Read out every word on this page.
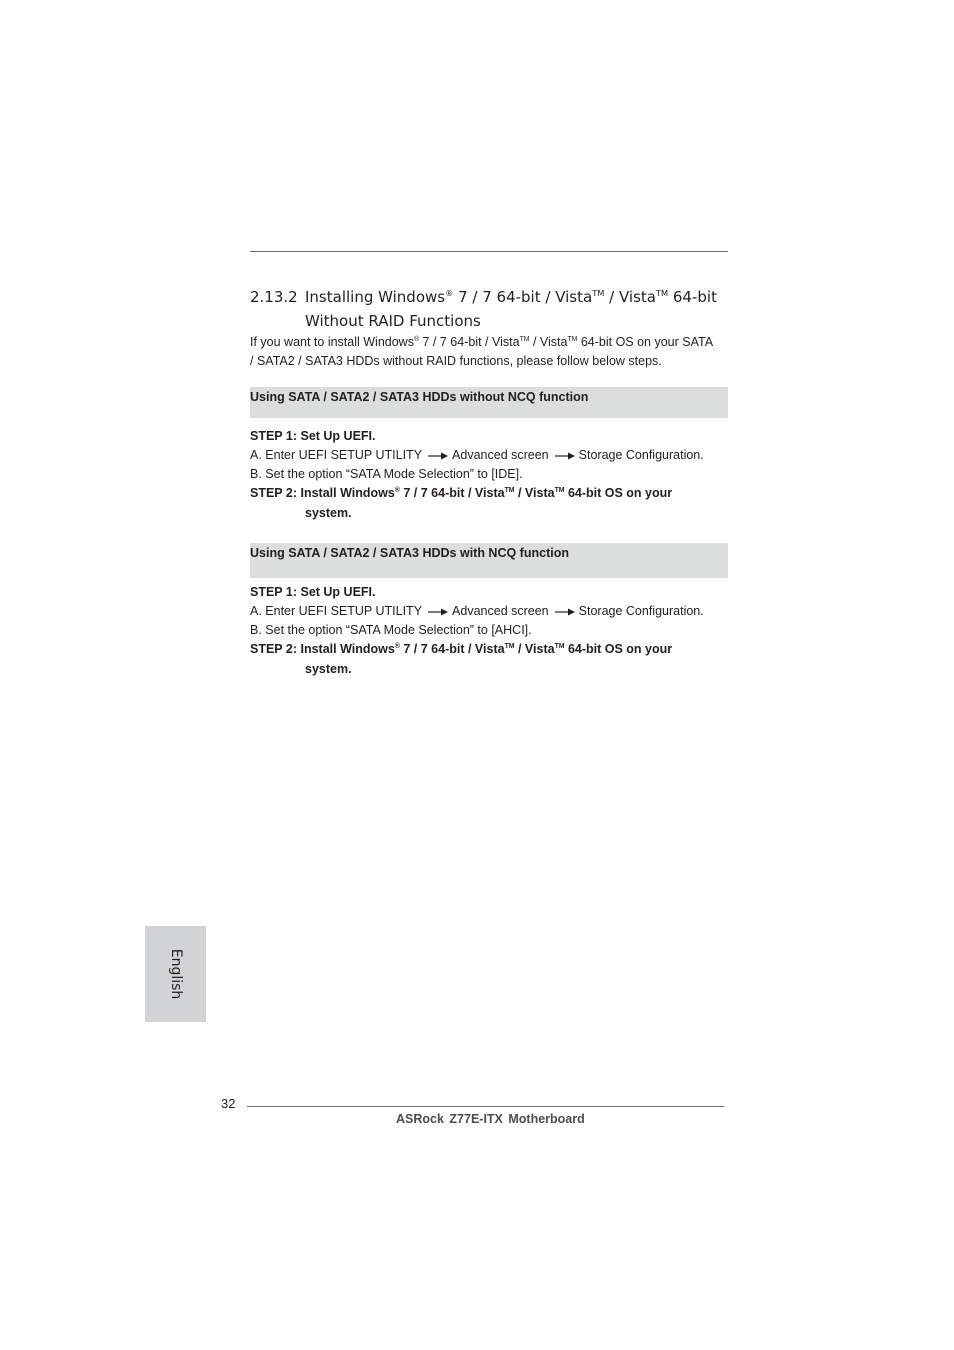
2.13.2 Installing Windows® 7 / 7 64-bit / Vista™ / Vista™ 64-bit
Without RAID Functions
If you want to install Windows® 7 / 7 64-bit / Vista™ / Vista™ 64-bit OS on your SATA
/ SATA2 / SATA3 HDDs without RAID functions, please follow below steps.
Using SATA / SATA2 / SATA3 HDDs without NCQ function
STEP 1: Set Up UEFI.
A. Enter UEFI SETUP UTILITY Advanced screen Storage Configuration.
B. Set the option “SATA Mode Selection” to [IDE].
STEP 2: Install Windows® 7 / 7 64-bit / Vista™ / Vista™ 64-bit OS on your
system.
Using SATA / SATA2 / SATA3 HDDs with NCQ function
STEP 1: Set Up UEFI.
A. Enter UEFI SETUP UTILITY Advanced screen Storage Configuration.
B. Set the option “SATA Mode Selection” to [AHCI].
STEP 2: Install Windows® 7 / 7 64-bit / Vista™ / Vista™ 64-bit OS on your
system.
English
32
ASRock Z77E-ITX Motherboard
